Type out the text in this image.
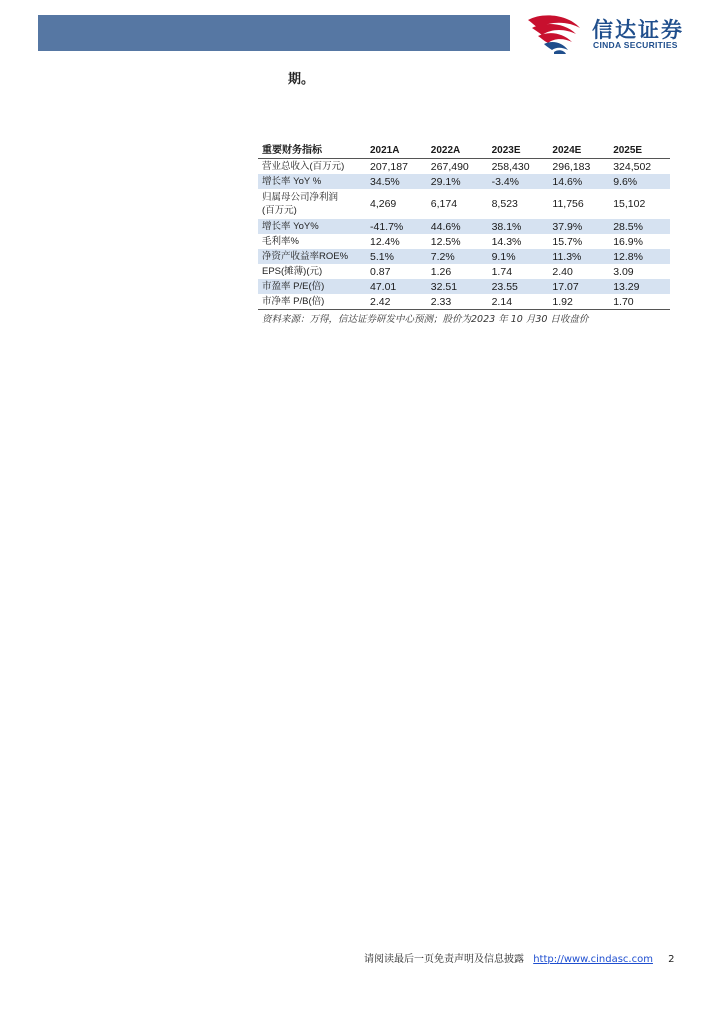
信达证券
CINDA SECURITIES
期。
重要财务指标	2021A	2022A	2023E	2024E	2025E
营业总收入(百万元)	207,187	267,490	258,430	296,183	324,502
增长率 YoY %	34.5%	29.1%	-3.4%	14.6%	9.6%

归属母公司净利润
(百万元)	4,269	6,174	8,523	11,756	15,102
增长率 YoY%	-41.7%	44.6%	38.1%	37.9%	28.5%
毛利率%	12.4%	12.5%	14.3%	15.7%	16.9%
净资产收益率ROE%	5.1%	7.2%	9.1%	11.3%	12.8%
EPS(摊薄)(元)	0.87	1.26	1.74	2.40	3.09
市盈率 P/E(倍)	47.01	32.51	23.55	17.07	13.29
市净率 P/B(倍)	2.42	2.33	2.14	1.92	1.70
资料来源：万得，信达证券研发中心预测；股价为2023 年 10 月30 日收盘价
请阅读最后一页免责声明及信息披露 http://www.cindasc.com 2
